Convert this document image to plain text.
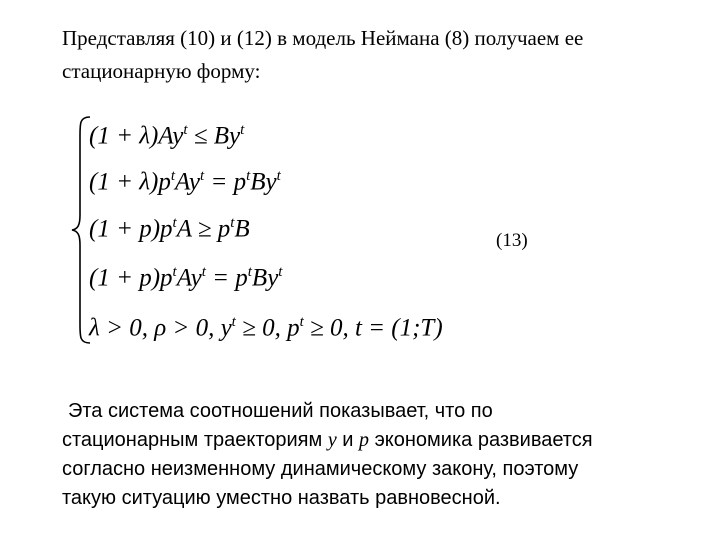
Представляя (10) и (12) в модель Неймана (8) получаем ее
стационарную форму:
$(1 + \lambda)Ay^t \le By^t$
$(1 + \lambda)p^tAy^t = p^tBy^t$
$(1 + p)p^tA \ge p^tB$
$(1 + p)p^tAy^t = p^tBy^t$
λ > 0, ρ > 0, $y^t \ge 0$, $p^t \ge 0$, t = (1;T)
(13)
Эта система соотношений показывает, что по
стационарным траекториям y и p экономика развивается
согласно неизменному динамическому закону, поэтому
такую ситуацию уместно назвать равновесной.
